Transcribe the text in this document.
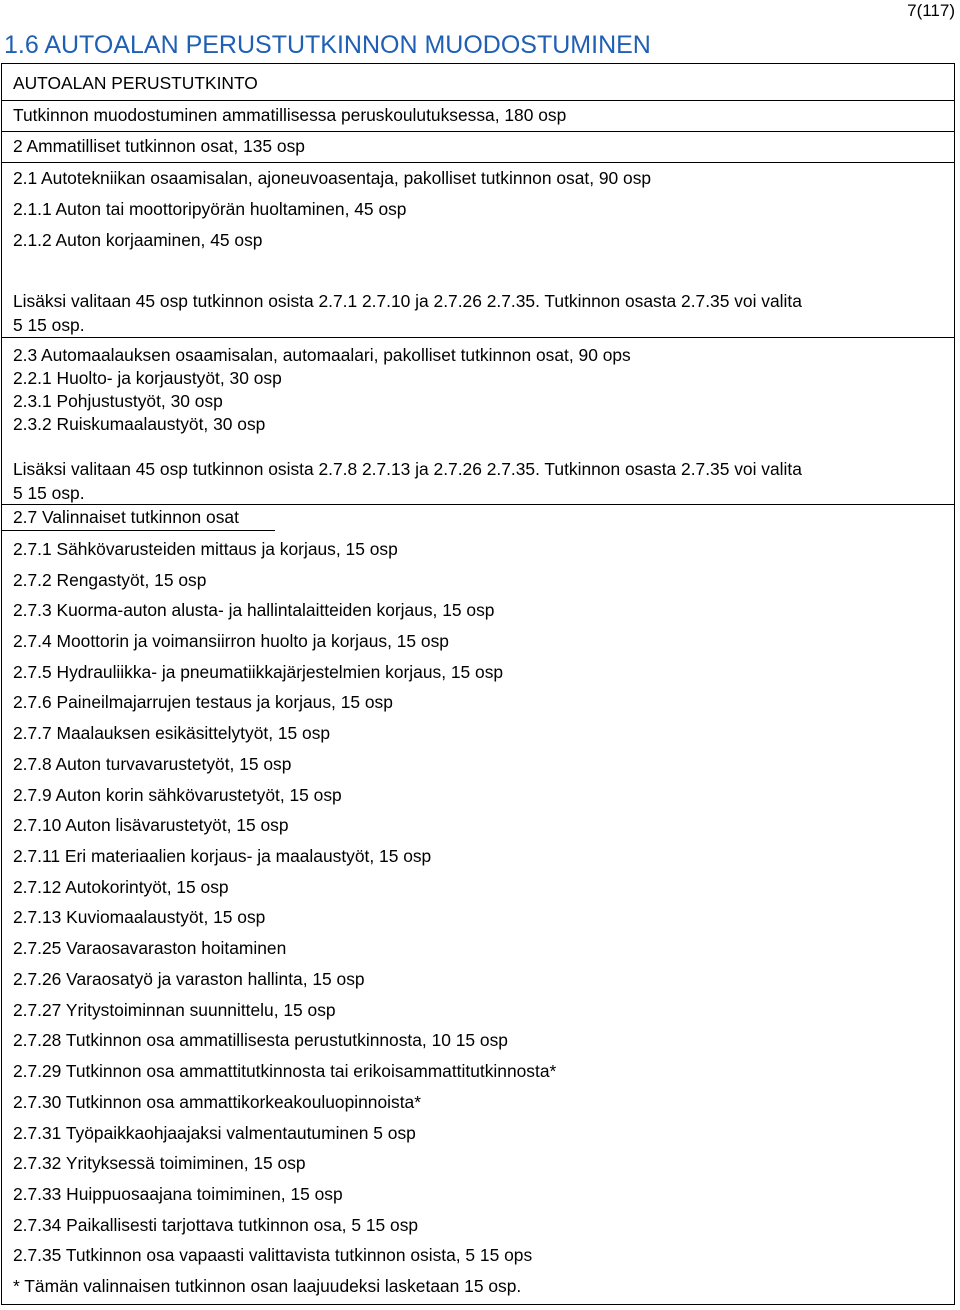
7(117)
1.6 AUTOALAN PERUSTUTKINNON MUODOSTUMINEN
AUTOALAN PERUSTUTKINTO
Tutkinnon muodostuminen ammatillisessa peruskoulutuksessa, 180 osp
2 Ammatilliset tutkinnon osat, 135 osp
2.1 Autotekniikan osaamisalan, ajoneuvoasentaja, pakolliset tutkinnon osat, 90 osp
2.1.1 Auton tai moottoripyörän huoltaminen, 45 osp
2.1.2 Auton korjaaminen, 45 osp
Lisäksi valitaan 45 osp tutkinnon osista 2.7.1 2.7.10 ja 2.7.26 2.7.35. Tutkinnon osasta 2.7.35 voi valita
5 15 osp.
2.3 Automaalauksen osaamisalan, automaalari, pakolliset tutkinnon osat, 90 ops
2.2.1 Huolto- ja korjaustyöt, 30 osp
2.3.1 Pohjustustyöt, 30 osp
2.3.2 Ruiskumaalaustyöt, 30 osp
Lisäksi valitaan 45 osp tutkinnon osista 2.7.8 2.7.13 ja 2.7.26 2.7.35. Tutkinnon osasta 2.7.35 voi valita
5 15 osp.
2.7 Valinnaiset tutkinnon osat
2.7.1 Sähkövarusteiden mittaus ja korjaus, 15 osp
2.7.2 Rengastyöt, 15 osp
2.7.3 Kuorma-auton alusta- ja hallintalaitteiden korjaus, 15 osp
2.7.4 Moottorin ja voimansiirron huolto ja korjaus, 15 osp
2.7.5 Hydrauliikka- ja pneumatiikkajärjestelmien korjaus, 15 osp
2.7.6 Paineilmajarrujen testaus ja korjaus, 15 osp
2.7.7 Maalauksen esikäsittelytyöt, 15 osp
2.7.8 Auton turvavarustetyöt, 15 osp
2.7.9 Auton korin sähkövarustetyöt, 15 osp
2.7.10 Auton lisävarustetyöt, 15 osp
2.7.11 Eri materiaalien korjaus- ja maalaustyöt, 15 osp
2.7.12 Autokorintyöt, 15 osp
2.7.13 Kuviomaalaustyöt, 15 osp
2.7.25 Varaosavaraston hoitaminen
2.7.26 Varaosatyö ja varaston hallinta, 15 osp
2.7.27 Yritystoiminnan suunnittelu, 15 osp
2.7.28 Tutkinnon osa ammatillisesta perustutkinnosta, 10 15 osp
2.7.29 Tutkinnon osa ammattitutkinnosta tai erikoisammattitutkinnosta*
2.7.30 Tutkinnon osa ammattikorkeakouluopinnoista*
2.7.31 Työpaikkaohjaajaksi valmentautuminen 5 osp
2.7.32 Yrityksessä toimiminen, 15 osp
2.7.33 Huippuosaajana toimiminen, 15 osp
2.7.34 Paikallisesti tarjottava tutkinnon osa, 5 15 osp
2.7.35 Tutkinnon osa vapaasti valittavista tutkinnon osista, 5 15 ops
* Tämän valinnaisen tutkinnon osan laajuudeksi lasketaan 15 osp.
